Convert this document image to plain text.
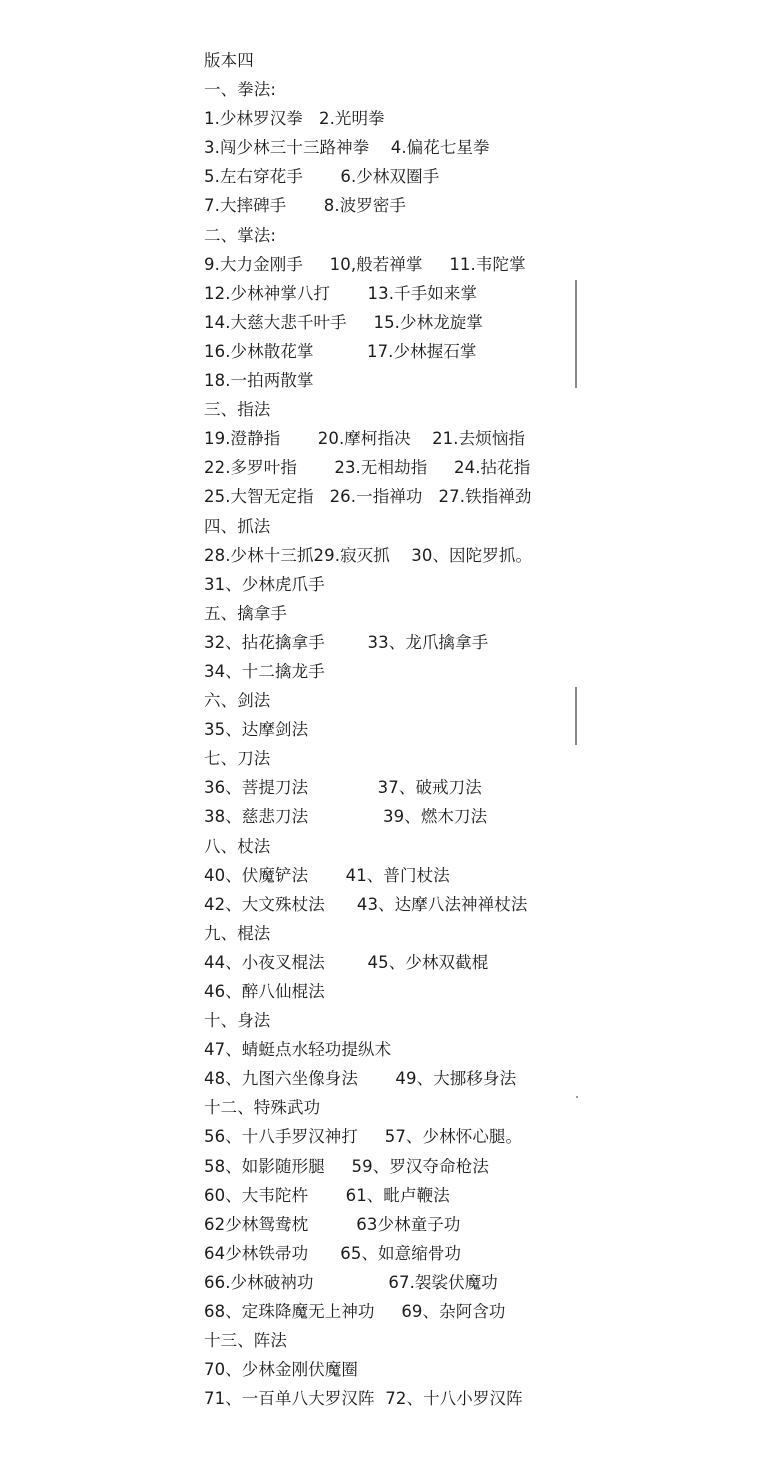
版本四
一、拳法:
1.少林罗汉拳   2.光明拳
3.闯少林三十三路神拳    4.偏花七星拳
5.左右穿花手       6.少林双圈手
7.大摔碑手       8.波罗密手
二、掌法:
9.大力金刚手     10,般若禅掌     11.韦陀掌
12.少林神掌八打       13.千手如来掌
14.大慈大悲千叶手     15.少林龙旋掌
16.少林散花掌          17.少林握石掌
18.一拍两散掌
三、指法
19.澄静指       20.摩柯指决    21.去烦恼指
22.多罗叶指       23.无相劫指     24.拈花指
25.大智无定指   26.一指禅功   27.铁指禅劲
四、抓法
28.少林十三抓29.寂灭抓    30、因陀罗抓。
31、少林虎爪手
五、擒拿手
32、拈花擒拿手        33、龙爪擒拿手
34、十二擒龙手
六、剑法
35、达摩剑法
七、刀法
36、菩提刀法             37、破戒刀法
38、慈悲刀法              39、燃木刀法
八、杖法
40、伏魔铲法       41、普门杖法
42、大文殊杖法      43、达摩八法神禅杖法
九、棍法
44、小夜叉棍法        45、少林双截棍
46、醉八仙棍法
十、身法
47、蜻蜓点水轻功提纵术
48、九图六坐像身法       49、大挪移身法
十二、特殊武功
56、十八手罗汉神打     57、少林怀心腿。
58、如影随形腿     59、罗汉夺命枪法
60、大韦陀杵       61、毗卢鞭法
62少林鸳鸯枕         63少林童子功
64少林铁帚功      65、如意缩骨功
66.少林破衲功              67.袈裟伏魔功
68、定珠降魔无上神功     69、杂阿含功
十三、阵法
70、少林金刚伏魔圈
71、一百单八大罗汉阵  72、十八小罗汉阵
